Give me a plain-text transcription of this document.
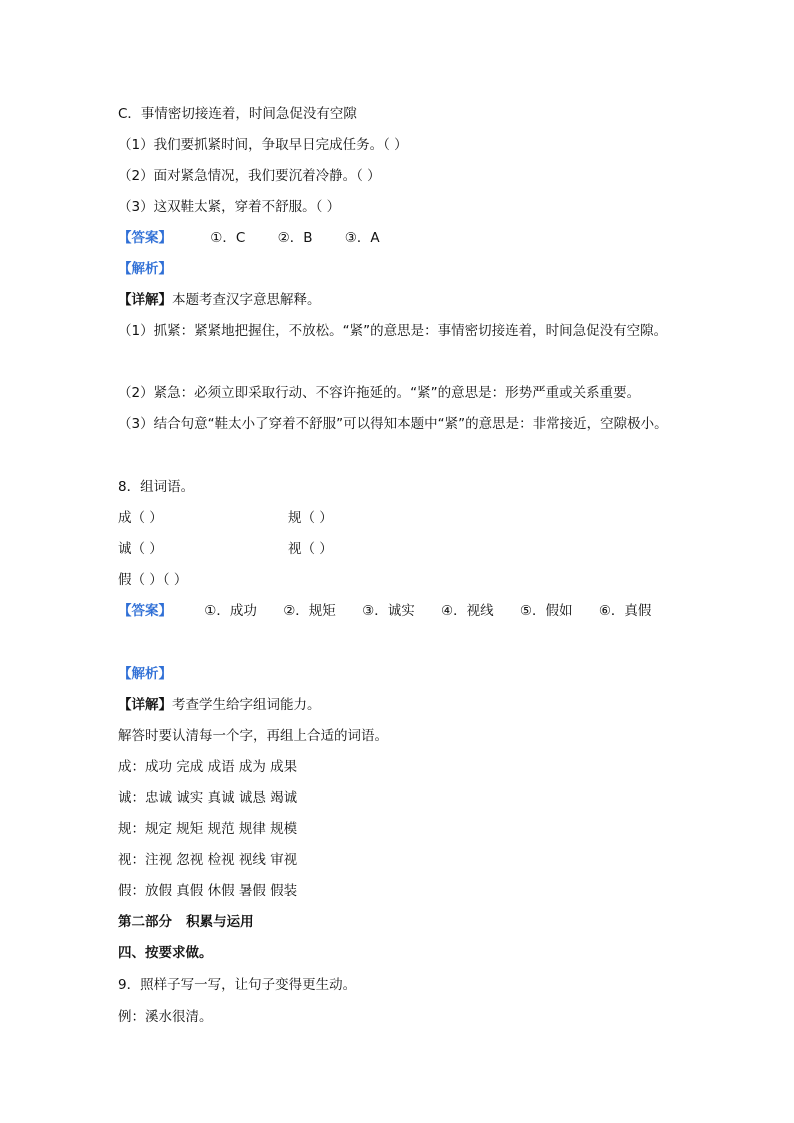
C．事情密切接连着，时间急促没有空隙
（1）我们要抓紧时间，争取早日完成任务。（ ）
（2）面对紧急情况，我们要沉着冷静。（ ）
（3）这双鞋太紧，穿着不舒服。（ ）
【答案】	①．C ②．B ③．A
【解析】
【详解】本题考查汉字意思解释。
（1）抓紧：紧紧地把握住，不放松。“紧”的意思是：事情密切接连着，时间急促没有空隙。
（2）紧急：必须立即采取行动、不容许拖延的。“紧”的意思是：形势严重或关系重要。
（3）结合句意“鞋太小了穿着不舒服”可以得知本题中“紧”的意思是：非常接近，空隙极小。
8．组词语。
成（ ）	规（ ）
诚（ ）	视（ ）
假（ ）（ ）
【答案】 ①．成功 ②．规矩 ③．诚实 ④．视线 ⑤．假如 ⑥．真假
【解析】
【详解】考查学生给字组词能力。
解答时要认清每一个字，再组上合适的词语。
成：成功 完成 成语 成为 成果
诚：忠诚 诚实 真诚 诚恳 竭诚
规：规定 规矩 规范 规律 规模
视：注视 忽视 检视 视线 审视
假：放假 真假 休假 暑假 假装
第二部分   积累与运用
四、按要求做。
9．照样子写一写，让句子变得更生动。
例：溪水很清。
